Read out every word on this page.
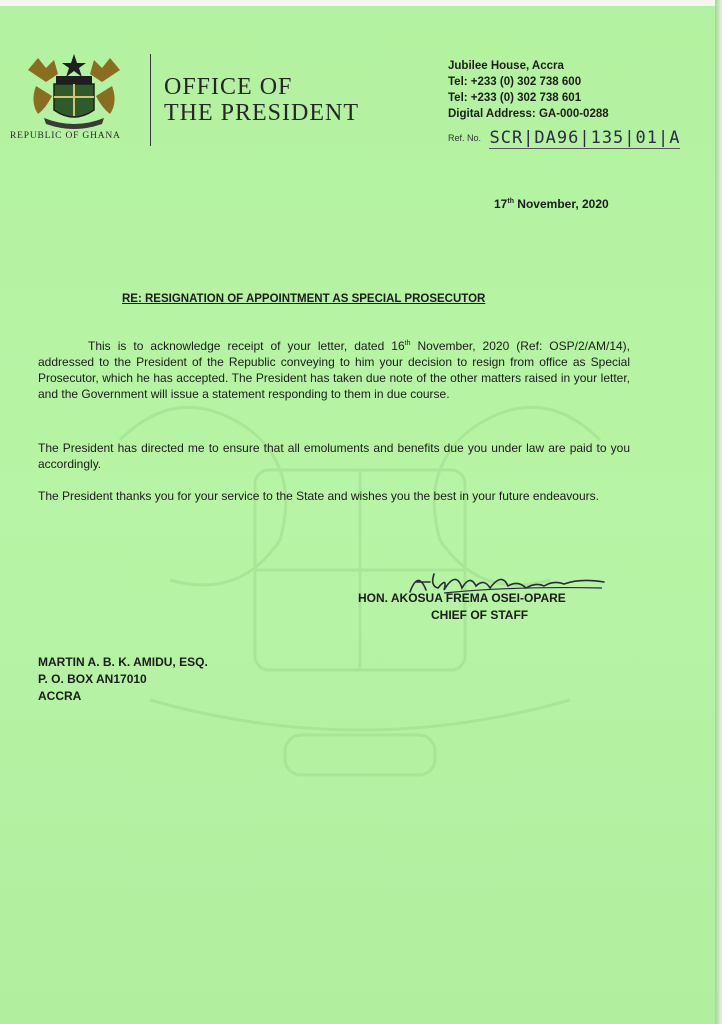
REPUBLIC OF GHANA
OFFICE OF
THE PRESIDENT
Jubilee House, Accra
Tel: +233 (0) 302 738 600
Tel: +233 (0) 302 738 601
Digital Address: GA-000-0288
Ref. No. SCR|DA96|135|01|A
17th November, 2020
RE: RESIGNATION OF APPOINTMENT AS SPECIAL PROSECUTOR
This is to acknowledge receipt of your letter, dated 16th November, 2020 (Ref: OSP/2/AM/14), addressed to the President of the Republic conveying to him your decision to resign from office as Special Prosecutor, which he has accepted. The President has taken due note of the other matters raised in your letter, and the Government will issue a statement responding to them in due course.
The President has directed me to ensure that all emoluments and benefits due you under law are paid to you accordingly.
The President thanks you for your service to the State and wishes you the best in your future endeavours.
HON. AKOSUA FREMA OSEI-OPARE
CHIEF OF STAFF
MARTIN A. B. K. AMIDU, ESQ.
P. O. BOX AN17010
ACCRA
